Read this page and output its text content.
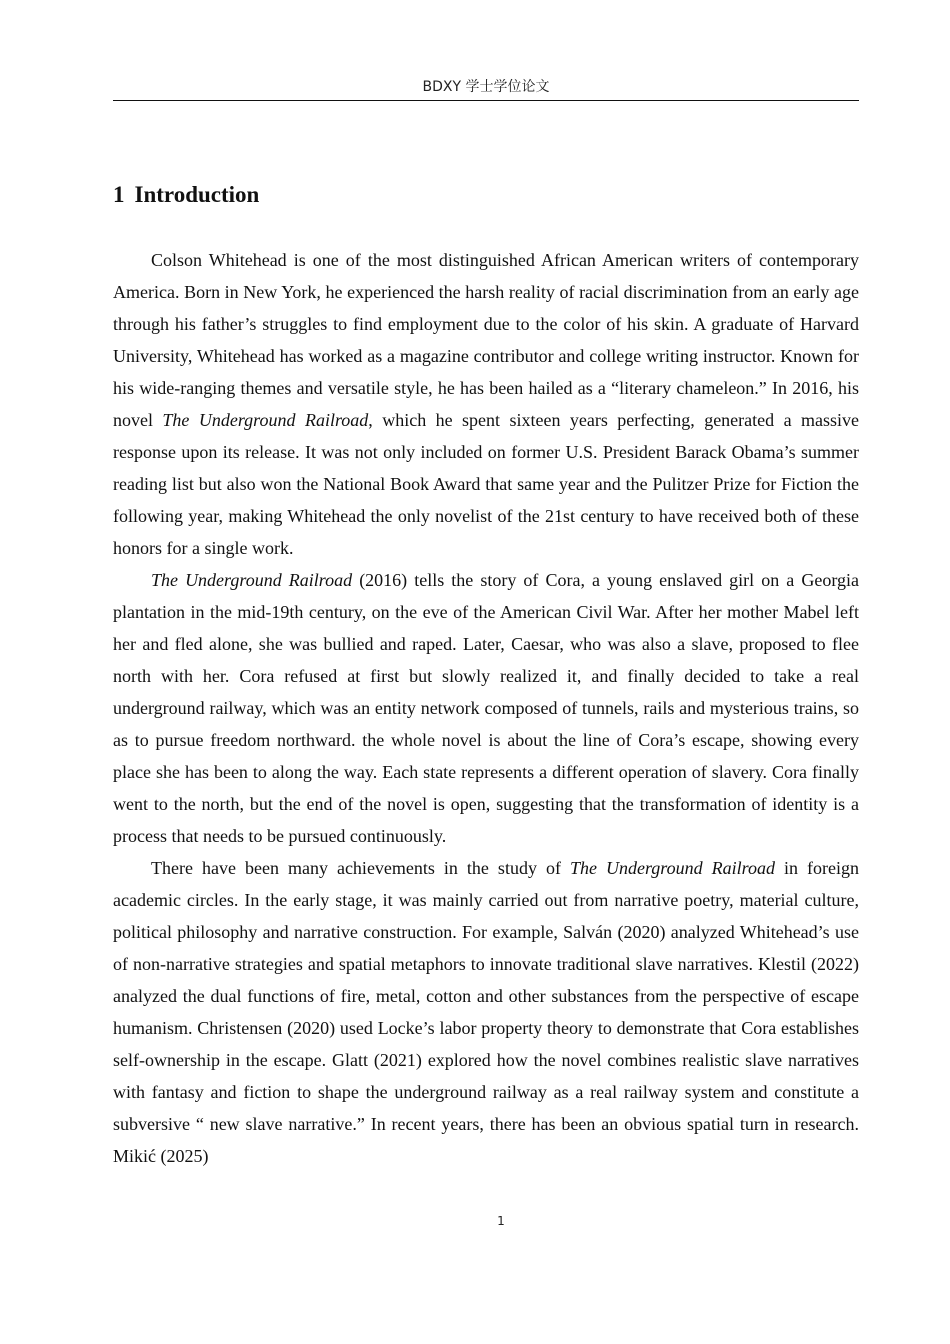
BDXY 学士学位论文
1 Introduction

Colson Whitehead is one of the most distinguished African American writers of contemporary America. Born in New York, he experienced the harsh reality of racial discrimination from an early age through his father’s struggles to find employment due to the color of his skin. A graduate of Harvard University, Whitehead has worked as a magazine contributor and college writing instructor. Known for his wide-ranging themes and versatile style, he has been hailed as a “literary chameleon.” In 2016, his novel The Underground Railroad, which he spent sixteen years perfecting, generated a massive response upon its release. It was not only included on former U.S. President Barack Obama’s summer reading list but also won the National Book Award that same year and the Pulitzer Prize for Fiction the following year, making Whitehead the only novelist of the 21st century to have received both of these honors for a single work.

The Underground Railroad (2016) tells the story of Cora, a young enslaved girl on a Georgia plantation in the mid-19th century, on the eve of the American Civil War. After her mother Mabel left her and fled alone, she was bullied and raped. Later, Caesar, who was also a slave, proposed to flee north with her. Cora refused at first but slowly realized it, and finally decided to take a real underground railway, which was an entity network composed of tunnels, rails and mysterious trains, so as to pursue freedom northward. the whole novel is about the line of Cora’s escape, showing every place she has been to along the way. Each state represents a different operation of slavery. Cora finally went to the north, but the end of the novel is open, suggesting that the transformation of identity is a process that needs to be pursued continuously.

There have been many achievements in the study of The Underground Railroad in foreign academic circles. In the early stage, it was mainly carried out from narrative poetry, material culture, political philosophy and narrative construction. For example, Salván (2020) analyzed Whitehead’s use of non-narrative strategies and spatial metaphors to innovate traditional slave narratives. Klestil (2022) analyzed the dual functions of fire, metal, cotton and other substances from the perspective of escape humanism. Christensen (2020) used Locke’s labor property theory to demonstrate that Cora establishes self-ownership in the escape. Glatt (2021) explored how the novel combines realistic slave narratives with fantasy and fiction to shape the underground railway as a real railway system and constitute a subversive “ new slave narrative.” In recent years, there has been an obvious spatial turn in research. Mikić (2025)

1
